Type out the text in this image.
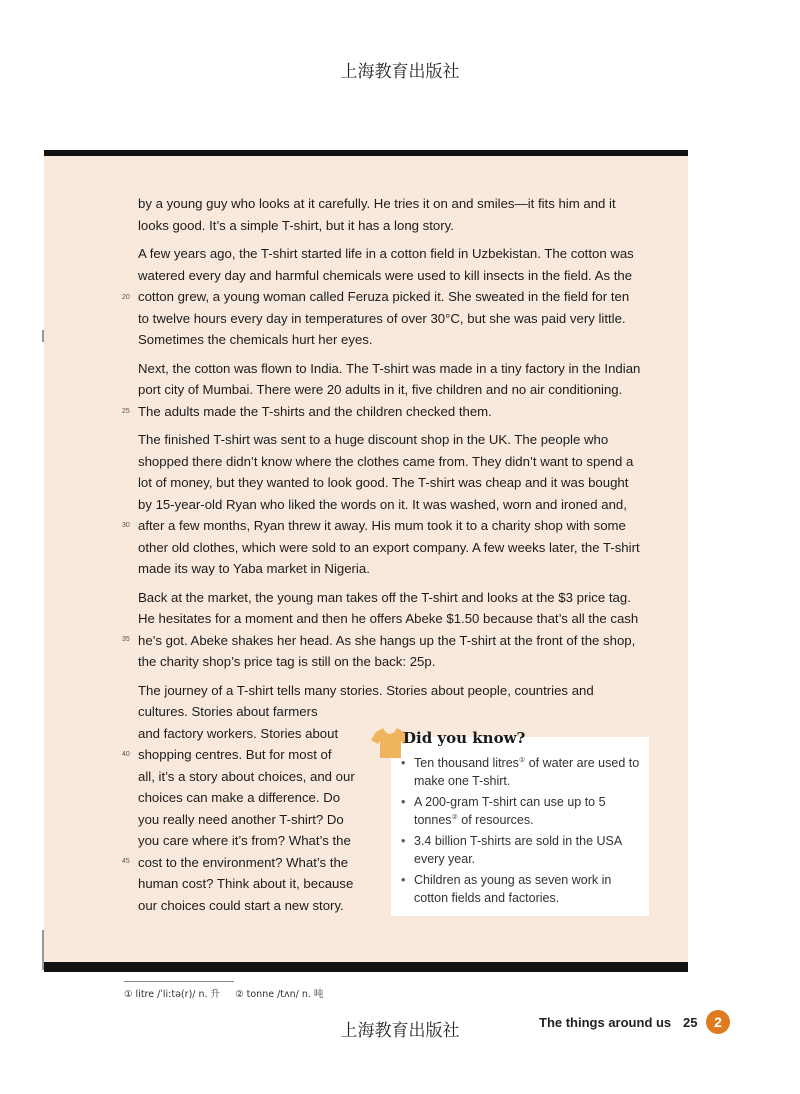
上海教育出版社

by a young guy who looks at it carefully. He tries it on and smiles—it fits him and it
looks good. It’s a simple T-shirt, but it has a long story.

A few years ago, the T-shirt started life in a cotton field in Uzbekistan. The cotton was
watered every day and harmful chemicals were used to kill insects in the field. As the
cotton grew, a young woman called Feruza picked it. She sweated in the field for ten
to twelve hours every day in temperatures of over 30°C, but she was paid very little.
Sometimes the chemicals hurt her eyes.

Next, the cotton was flown to India. The T-shirt was made in a tiny factory in the Indian
port city of Mumbai. There were 20 adults in it, five children and no air conditioning.
The adults made the T-shirts and the children checked them.

The finished T-shirt was sent to a huge discount shop in the UK. The people who
shopped there didn’t know where the clothes came from. They didn’t want to spend a
lot of money, but they wanted to look good. The T-shirt was cheap and it was bought
by 15-year-old Ryan who liked the words on it. It was washed, worn and ironed and,
after a few months, Ryan threw it away. His mum took it to a charity shop with some
other old clothes, which were sold to an export company. A few weeks later, the T-shirt
made its way to Yaba market in Nigeria.

Back at the market, the young man takes off the T-shirt and looks at the $3 price tag.
He hesitates for a moment and then he offers Abeke $1.50 because that’s all the cash
he’s got. Abeke shakes her head. As she hangs up the T-shirt at the front of the shop,
the charity shop’s price tag is still on the back: 25p.

The journey of a T-shirt tells many stories. Stories about people, countries and
cultures. Stories about farmers
and factory workers. Stories about
shopping centres. But for most of
all, it’s a story about choices, and our
choices can make a difference. Do
you really need another T-shirt? Do
you care where it’s from? What’s the
cost to the environment? What’s the
human cost? Think about it, because
our choices could start a new story.

20
25
30
35
40
45
Did you know?
• Ten thousand litres① of water are used to
make one T-shirt.
• A 200-gram T-shirt can use up to 5
tonnes② of resources.
• 3.4 billion T-shirts are sold in the USA
every year.
• Children as young as seven work in
cotton fields and factories.
① litre /ˈliːtə(r)/ n. 升 ② tonne /tʌn/ n. 吨
上海教育出版社	The things around us 25	2
